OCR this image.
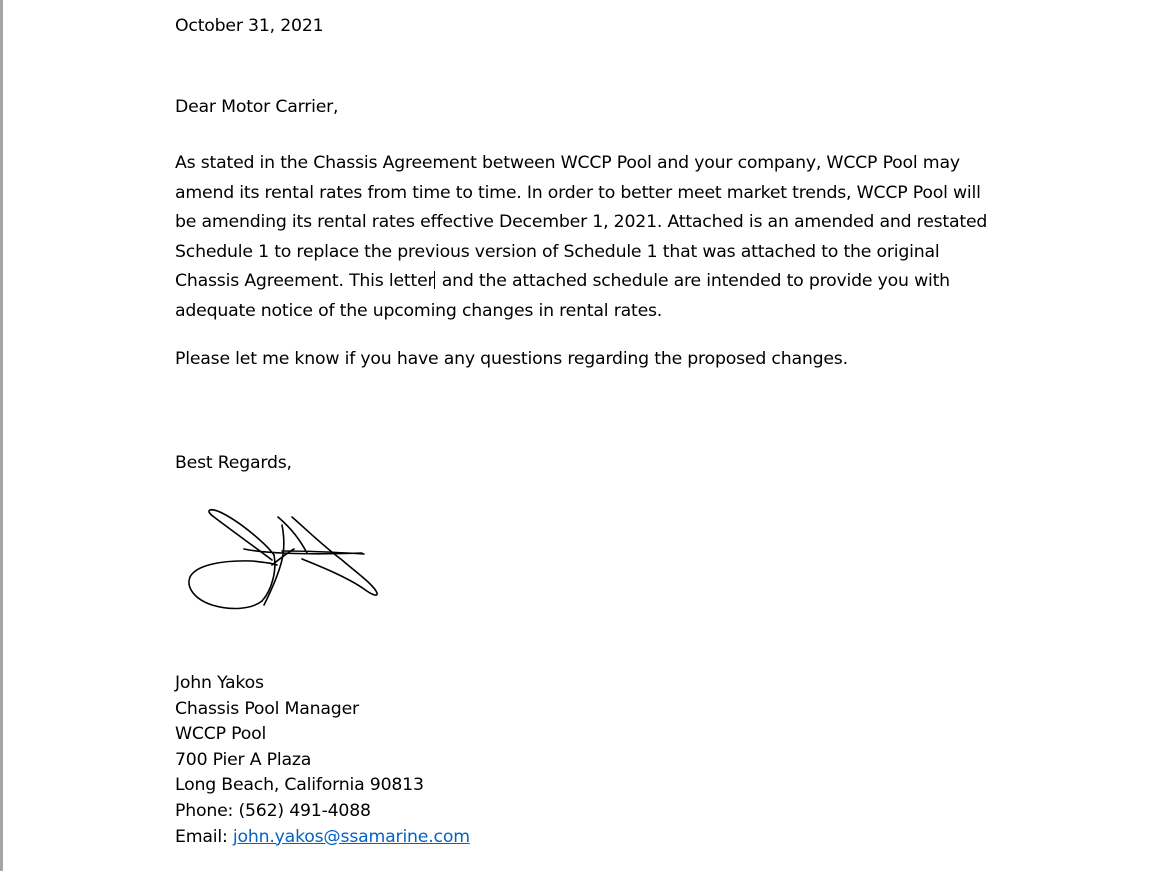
October 31, 2021

Dear Motor Carrier,

As stated in the Chassis Agreement between WCCP Pool and your company, WCCP Pool may
amend its rental rates from time to time. In order to better meet market trends, WCCP Pool will
be amending its rental rates effective December 1, 2021. Attached is an amended and restated
Schedule 1 to replace the previous version of Schedule 1 that was attached to the original
Chassis Agreement. This letter and the attached schedule are intended to provide you with
adequate notice of the upcoming changes in rental rates.

Please let me know if you have any questions regarding the proposed changes.

Best Regards,

John Yakos
Chassis Pool Manager
WCCP Pool
700 Pier A Plaza
Long Beach, California 90813
Phone: (562) 491-4088
Email: john.yakos@ssamarine.com
